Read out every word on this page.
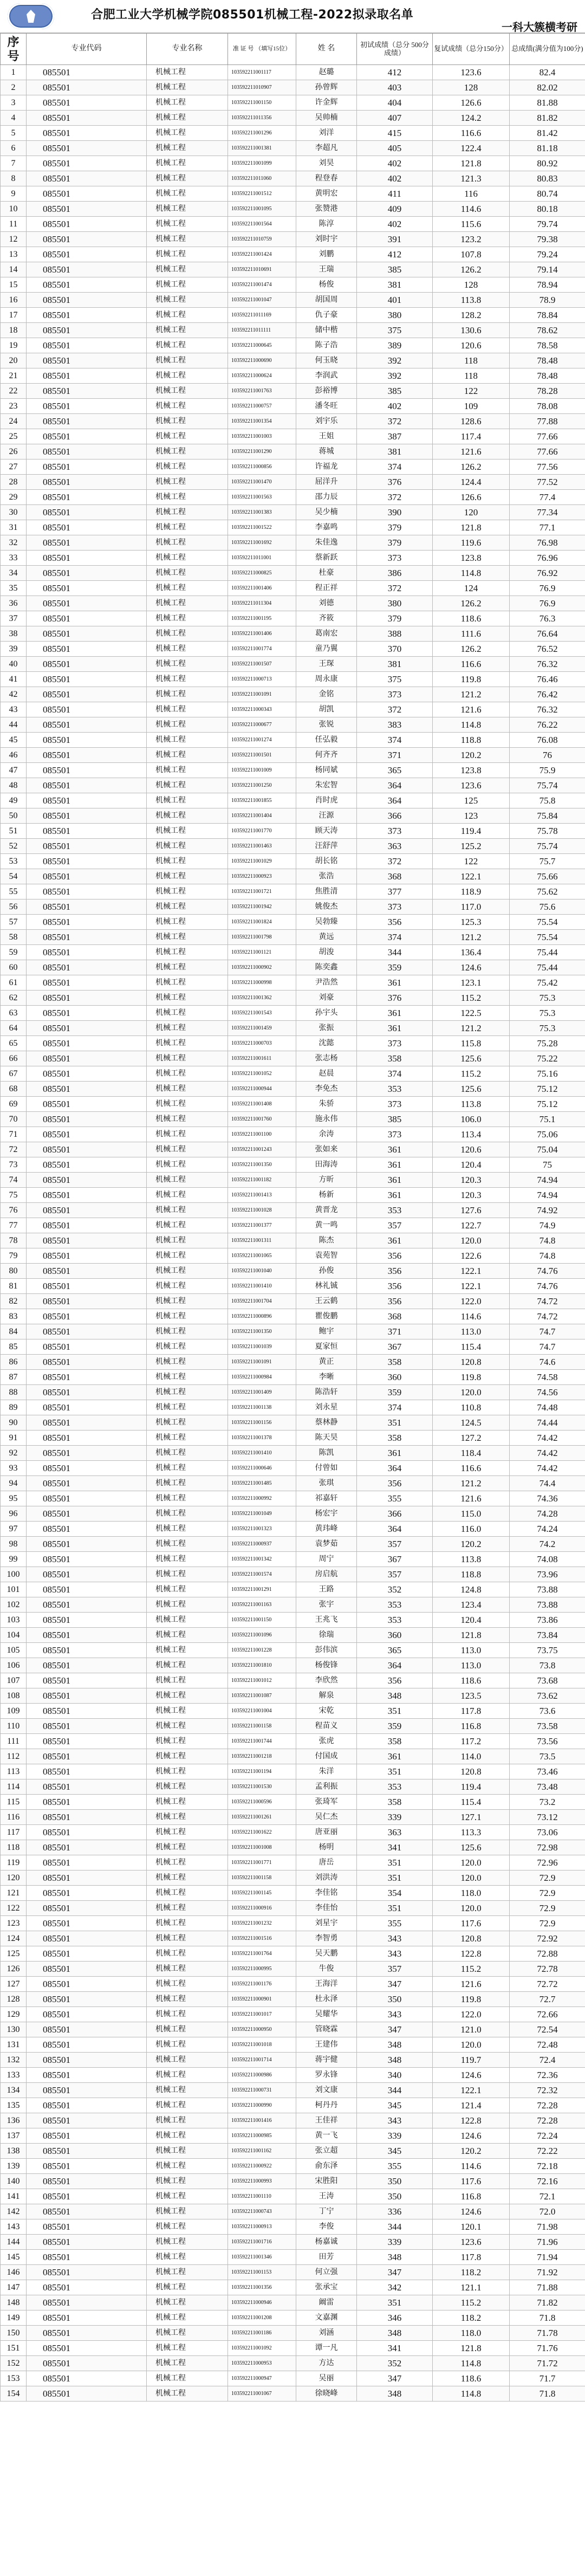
合肥工业大学机械学院085501机械工程-2022拟录取名单
一科大簇横考研
序号	专业代码	专业名称	准 证 号 （填写15位）	姓 名	初试成绩（总分 500分成绩）	复试成绩（总分150分）	总成绩(满分值为100分)
1	085501	机械工程	103592211001117	赵璐	412	123.6	82.4
2	085501	机械工程	103592211010907	孙曾辉	403	128	82.02
3	085501	机械工程	103592211001150	许金辉	404	126.6	81.88
4	085501	机械工程	103592211011356	吴帅楠	407	124.2	81.82
5	085501	机械工程	103592211001296	刘洋	415	116.6	81.42
6	085501	机械工程	103592211001381	李超凡	405	122.4	81.18
7	085501	机械工程	103592211001099	刘昊	402	121.8	80.92
8	085501	机械工程	103592211011060	程登春	402	121.3	80.83
9	085501	机械工程	103592211001512	黄明宏	411	116	80.74
10	085501	机械工程	103592211001095	张赞港	409	114.6	80.18
11	085501	机械工程	103592211001564	陈淳	402	115.6	79.74
12	085501	机械工程	103592211010759	刘时宇	391	123.2	79.38
13	085501	机械工程	103592211001424	刘鹏	412	107.8	79.24
14	085501	机械工程	103592211010691	王瑞	385	126.2	79.14
15	085501	机械工程	103592211001474	杨俊	381	128	78.94
16	085501	机械工程	103592211001047	胡国周	401	113.8	78.9
17	085501	机械工程	103592211011169	仇子豪	380	128.2	78.84
18	085501	机械工程	103592211011111	储中楷	375	130.6	78.62
19	085501	机械工程	103592211000645	陈子浩	389	120.6	78.58
20	085501	机械工程	103592211000690	何玉晓	392	118	78.48
21	085501	机械工程	103592211000624	李润武	392	118	78.48
22	085501	机械工程	103592211001763	彭裕博	385	122	78.28
23	085501	机械工程	103592211000757	潘冬旺	402	109	78.08
24	085501	机械工程	103592211001354	刘宇乐	372	128.6	77.88
25	085501	机械工程	103592211001003	王姐	387	117.4	77.66
26	085501	机械工程	103592211001290	蒋城	381	121.6	77.66
27	085501	机械工程	103592211000856	许福龙	374	126.2	77.56
28	085501	机械工程	103592211001470	屈洋升	376	124.4	77.52
29	085501	机械工程	103592211001563	邵力辰	372	126.6	77.4
30	085501	机械工程	103592211001383	吴少楠	390	120	77.34
31	085501	机械工程	103592211001522	李嘉鸣	379	121.8	77.1
32	085501	机械工程	103592211001692	朱佳逸	379	119.6	76.98
33	085501	机械工程	103592211011001	蔡新跃	373	123.8	76.96
34	085501	机械工程	103592211000825	杜豪	386	114.8	76.92
35	085501	机械工程	103592211001406	程正祥	372	124	76.9
36	085501	机械工程	103592211011304	刘德	380	126.2	76.9
37	085501	机械工程	103592211001195	齐筱	379	118.6	76.3
38	085501	机械工程	103592211001406	葛南宏	388	111.6	76.64
39	085501	机械工程	103592211001774	童乃翼	370	126.2	76.52
40	085501	机械工程	103592211001507	王琛	381	116.6	76.32
41	085501	机械工程	103592211000713	周永康	375	119.8	76.46
42	085501	机械工程	103592211001091	金铭	373	121.2	76.42
43	085501	机械工程	103592211000343	胡凯	372	121.6	76.32
44	085501	机械工程	103592211000677	张锐	383	114.8	76.22
45	085501	机械工程	103592211001274	任弘毅	374	118.8	76.08
46	085501	机械工程	103592211001501	何齐齐	371	120.2	76
47	085501	机械工程	103592211001009	杨同斌	365	123.8	75.9
48	085501	机械工程	103592211001250	朱宏智	364	123.6	75.74
49	085501	机械工程	103592211001855	肖时虎	364	125	75.8
50	085501	机械工程	103592211001404	汪源	366	123	75.84
51	085501	机械工程	103592211001770	顾天涛	373	119.4	75.78
52	085501	机械工程	103592211001463	汪舒萍	363	125.2	75.74
53	085501	机械工程	103592211001029	胡长铭	372	122	75.7
54	085501	机械工程	103592211000923	张浩	368	122.1	75.66
55	085501	机械工程	103592211001721	焦胜清	377	118.9	75.62
56	085501	机械工程	103592211001942	姚俊杰	373	117.0	75.6
57	085501	机械工程	103592211001824	吴勃臻	356	125.3	75.54
58	085501	机械工程	103592211001798	黄远	374	121.2	75.54
59	085501	机械工程	103592211001121	胡浚	344	136.4	75.44
60	085501	机械工程	103592211000902	陈奕鑫	359	124.6	75.44
61	085501	机械工程	103592211000998	尹浩然	361	123.1	75.42
62	085501	机械工程	103592211001362	刘豪	376	115.2	75.3
63	085501	机械工程	103592211001543	孙宇头	361	122.5	75.3
64	085501	机械工程	103592211001459	张振	361	121.2	75.3
65	085501	机械工程	103592211000703	沈懿	373	115.8	75.28
66	085501	机械工程	103592211001611	张志杨	358	125.6	75.22
67	085501	机械工程	103592211001052	赵晨	374	115.2	75.16
68	085501	机械工程	103592211000944	李免杰	353	125.6	75.12
69	085501	机械工程	103592211001408	朱骄	373	113.8	75.12
70	085501	机械工程	103592211001760	施永伟	385	106.0	75.1
71	085501	机械工程	103592211001100	余涛	373	113.4	75.06
72	085501	机械工程	103592211001243	张如来	361	120.6	75.04
73	085501	机械工程	103592211001350	田海涛	361	120.4	75
74	085501	机械工程	103592211001182	方昕	361	120.3	74.94
75	085501	机械工程	103592211001413	杨新	361	120.3	74.94
76	085501	机械工程	103592211001028	黄晋龙	353	127.6	74.92
77	085501	机械工程	103592211001377	黄一鸣	357	122.7	74.9
78	085501	机械工程	103592211001311	陈杰	361	120.0	74.8
79	085501	机械工程	103592211001065	袁苑智	356	122.6	74.8
80	085501	机械工程	103592211001040	孙俊	356	122.1	74.76
81	085501	机械工程	103592211001410	林礼铖	356	122.1	74.76
82	085501	机械工程	103592211001704	王云鹤	356	122.0	74.72
83	085501	机械工程	103592211000896	瞿俊鹏	368	114.6	74.72
84	085501	机械工程	103592211001350	鲍宇	371	113.0	74.7
85	085501	机械工程	103592211001039	夏家恒	367	115.4	74.7
86	085501	机械工程	103592211001091	黄正	358	120.8	74.6
87	085501	机械工程	103592211000984	李晰	360	119.8	74.58
88	085501	机械工程	103592211001409	陈浩轩	359	120.0	74.56
89	085501	机械工程	103592211001138	刘永星	374	110.8	74.48
90	085501	机械工程	103592211001156	蔡林静	351	124.5	74.44
91	085501	机械工程	103592211001378	陈天昊	358	127.2	74.42
92	085501	机械工程	103592211001410	陈凯	361	118.4	74.42
93	085501	机械工程	103592211000646	付曾如	364	116.6	74.42
94	085501	机械工程	103592211001485	张琪	356	121.2	74.4
95	085501	机械工程	103592211000992	祁嘉轩	355	121.6	74.36
96	085501	机械工程	103592211001049	杨宏宇	366	115.0	74.28
97	085501	机械工程	103592211001323	黄玮峰	364	116.0	74.24
98	085501	机械工程	103592211000937	袁梦茹	357	120.2	74.2
99	085501	机械工程	103592211001342	周宁	367	113.8	74.08
100	085501	机械工程	103592211001574	房启航	357	118.8	73.96
101	085501	机械工程	103592211001291	王路	352	124.8	73.88
102	085501	机械工程	103592211001163	张宇	353	123.4	73.88
103	085501	机械工程	103592211001150	王兆飞	353	120.4	73.86
104	085501	机械工程	103592211001096	徐瑞	360	121.8	73.84
105	085501	机械工程	103592211001228	彭伟滨	365	113.0	73.75
106	085501	机械工程	103592211001810	杨俊锋	364	113.0	73.8
107	085501	机械工程	103592211001012	李欣然	356	118.6	73.68
108	085501	机械工程	103592211001087	解泉	348	123.5	73.62
109	085501	机械工程	103592211001004	宋乾	351	117.8	73.6
110	085501	机械工程	103592211001158	程苗义	359	116.8	73.58
111	085501	机械工程	103592211001744	张虎	358	117.2	73.56
112	085501	机械工程	103592211001218	付国成	361	114.0	73.5
113	085501	机械工程	103592211001194	朱洋	351	120.8	73.46
114	085501	机械工程	103592211001530	孟利振	353	119.4	73.48
115	085501	机械工程	103592211000596	张琦军	358	115.4	73.2
116	085501	机械工程	103592211001261	吴仁杰	339	127.1	73.12
117	085501	机械工程	103592211001622	唐亚丽	363	113.3	73.06
118	085501	机械工程	103592211001008	杨明	341	125.6	72.98
119	085501	机械工程	103592211001771	唐岳	351	120.0	72.96
120	085501	机械工程	103592211001158	刘洪涛	351	120.0	72.9
121	085501	机械工程	103592211001145	李佳铭	354	118.0	72.9
122	085501	机械工程	103592211000916	李佳怡	351	120.0	72.9
123	085501	机械工程	103592211001232	刘星宇	355	117.6	72.9
124	085501	机械工程	103592211001516	李智勇	343	120.8	72.92
125	085501	机械工程	103592211001764	吴天鹏	343	122.8	72.88
126	085501	机械工程	103592211000995	牛俊	357	115.2	72.78
127	085501	机械工程	103592211001176	王海洋	347	121.6	72.72
128	085501	机械工程	103592211000901	杜永泽	350	119.8	72.7
129	085501	机械工程	103592211001017	吴耀华	343	122.0	72.66
130	085501	机械工程	103592211000950	管晓霖	347	121.0	72.54
131	085501	机械工程	103592211001018	王建伟	348	120.0	72.48
132	085501	机械工程	103592211001714	蒋宇健	348	119.7	72.4
133	085501	机械工程	103592211000986	罗永锋	340	124.6	72.36
134	085501	机械工程	103592211000731	刘文康	344	122.1	72.32
135	085501	机械工程	103592211000990	柯丹丹	345	121.4	72.28
136	085501	机械工程	103592211001416	王佳祥	343	122.8	72.28
137	085501	机械工程	103592211000985	黄一飞	339	124.6	72.24
138	085501	机械工程	103592211001162	张立超	345	120.2	72.22
139	085501	机械工程	103592211000922	俞东泽	355	114.6	72.18
140	085501	机械工程	103592211000993	宋胜阳	350	117.6	72.16
141	085501	机械工程	103592211001110	王涛	350	116.8	72.1
142	085501	机械工程	103592211000743	丁宁	336	124.6	72.0
143	085501	机械工程	103592211000913	李俊	344	120.1	71.98
144	085501	机械工程	103592211001716	杨嘉诚	339	123.6	71.96
145	085501	机械工程	103592211001346	田芳	348	117.8	71.94
146	085501	机械工程	103592211001153	何立强	347	118.2	71.92
147	085501	机械工程	103592211001356	张承宝	342	121.1	71.88
148	085501	机械工程	103592211000946	阚雷	351	115.2	71.82
149	085501	机械工程	103592211001208	文嘉渊	346	118.2	71.8
150	085501	机械工程	103592211001186	刘涵	348	118.0	71.78
151	085501	机械工程	103592211001092	谭一凡	341	121.8	71.76
152	085501	机械工程	103592211000953	方达	352	114.8	71.72
153	085501	机械工程	103592211000947	吴丽	347	118.6	71.7
154	085501	机械工程	103592211001067	徐晓峰	348	114.8	71.8
